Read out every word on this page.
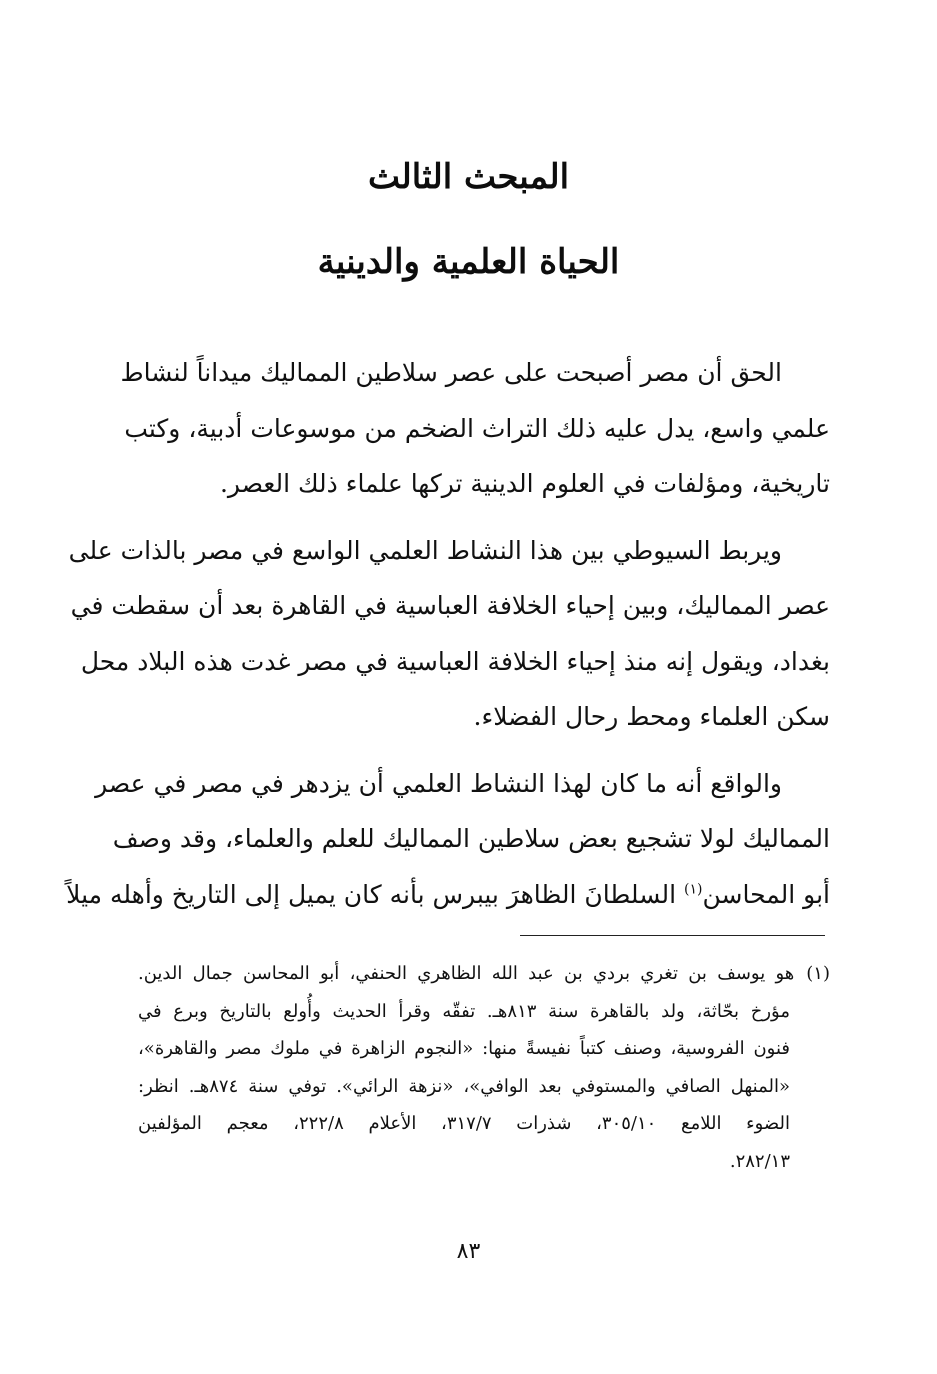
المبحث الثالث
الحياة العلمية والدينية

الحق أن مصر أصبحت على عصر سلاطين المماليك ميداناً لنشاط
علمي واسع، يدل عليه ذلك التراث الضخم من موسوعات أدبية، وكتب
تاريخية، ومؤلفات في العلوم الدينية تركها علماء ذلك العصر.

ويربط السيوطي بين هذا النشاط العلمي الواسع في مصر بالذات على
عصر المماليك، وبين إحياء الخلافة العباسية في القاهرة بعد أن سقطت في
بغداد، ويقول إنه منذ إحياء الخلافة العباسية في مصر غدت هذه البلاد محل
سكن العلماء ومحط رحال الفضلاء.

والواقع أنه ما كان لهذا النشاط العلمي أن يزدهر في مصر في عصر
المماليك لولا تشجيع بعض سلاطين المماليك للعلم والعلماء، وقد وصف
أبو المحاسن$^{(١)}$ السلطانَ الظاهرَ بيبرس بأنه كان يميل إلى التاريخ وأهله ميلاً

(١)هو يوسف بن تغري بردي بن عبد الله الظاهري الحنفي، أبو المحاسن جمال الدين.
مؤرخ بحّاثة، ولد بالقاهرة سنة ٨١٣هـ. تفقّه وقرأ الحديث وأُولع بالتاريخ وبرع في
فنون الفروسية، وصنف كتباً نفيسةً منها: «النجوم الزاهرة في ملوك مصر والقاهرة»،
«المنهل الصافي والمستوفي بعد الوافي»، «نزهة الرائي». توفي سنة ٨٧٤هـ. انظر:
الضوء اللامع ٣٠٥/١٠، شذرات ٣١٧/٧، الأعلام ٢٢٢/٨، معجم المؤلفين
٢٨٢/١٣.
٨٣
